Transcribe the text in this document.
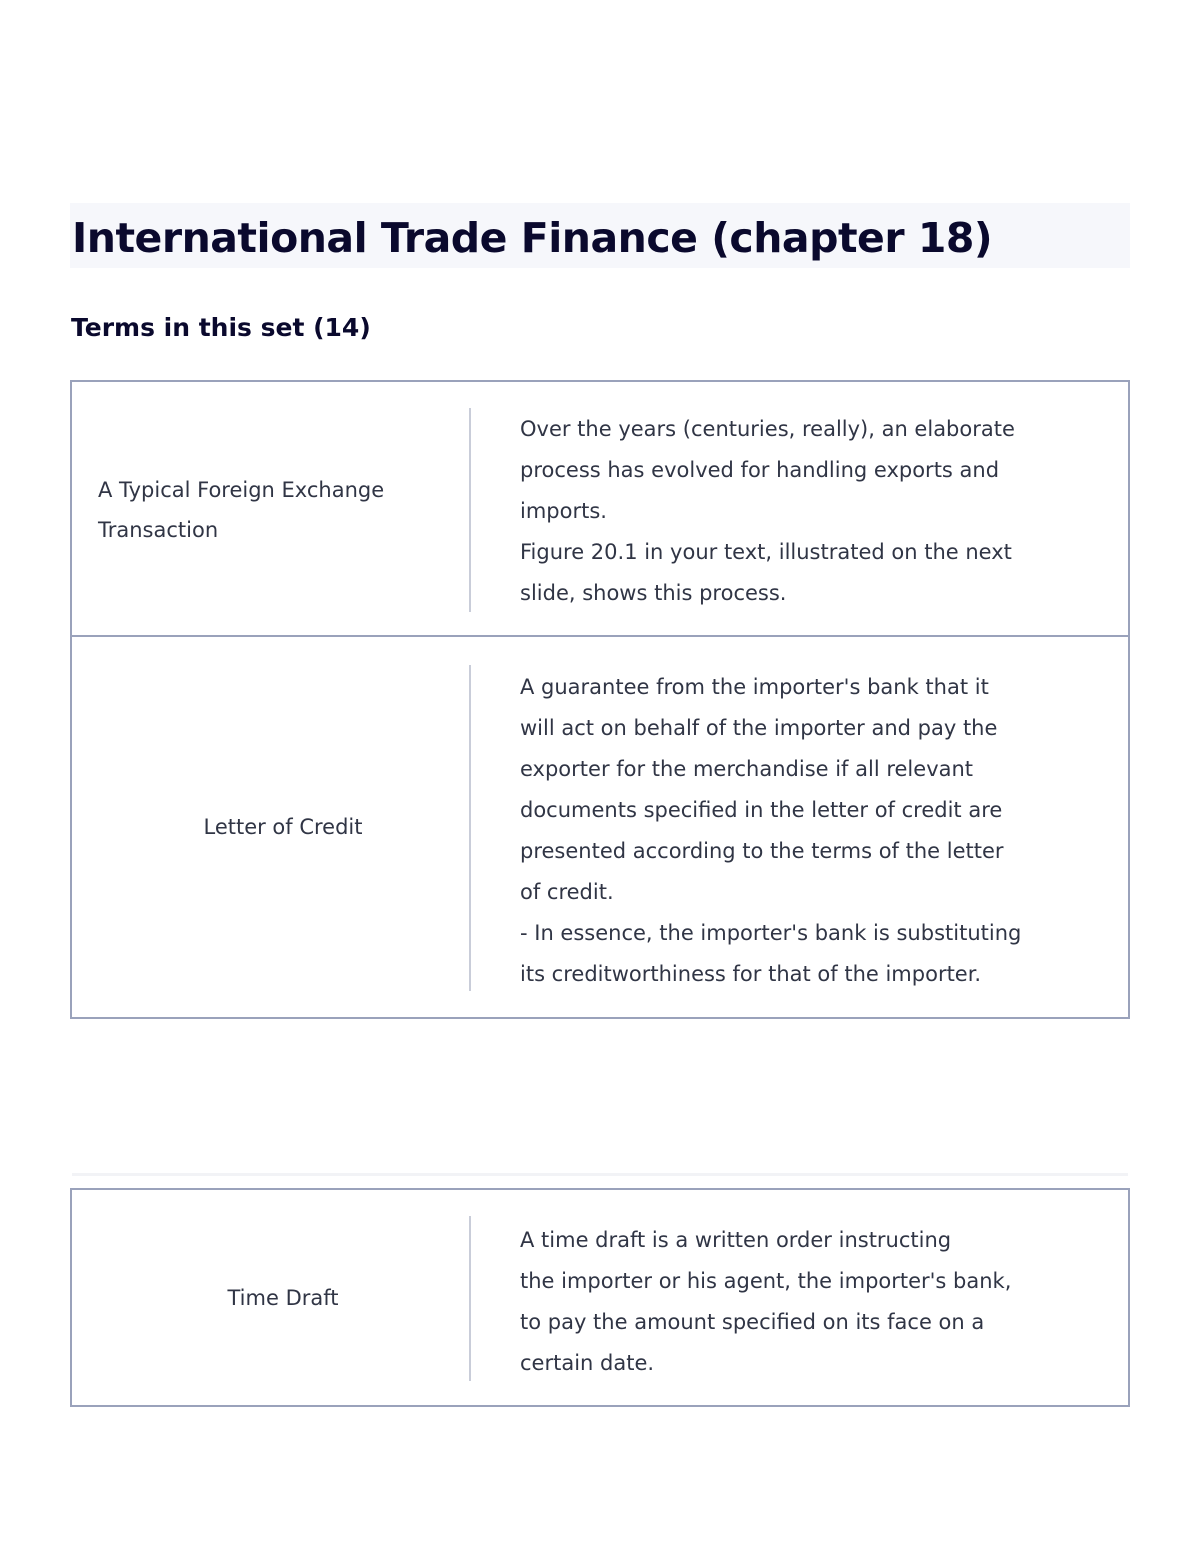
International Trade Finance (chapter 18)
Terms in this set (14)
A Typical Foreign Exchange
Transaction
Over the years (centuries, really), an elaborate
process has evolved for handling exports and
imports.
Figure 20.1 in your text, illustrated on the next
slide, shows this process.
Letter of Credit
A guarantee from the importer's bank that it
will act on behalf of the importer and pay the
exporter for the merchandise if all relevant
documents specified in the letter of credit are
presented according to the terms of the letter
of credit.
- In essence, the importer's bank is substituting
its creditworthiness for that of the importer.
Time Draft
A time draft is a written order instructing
the importer or his agent, the importer's bank,
to pay the amount specified on its face on a
certain date.
